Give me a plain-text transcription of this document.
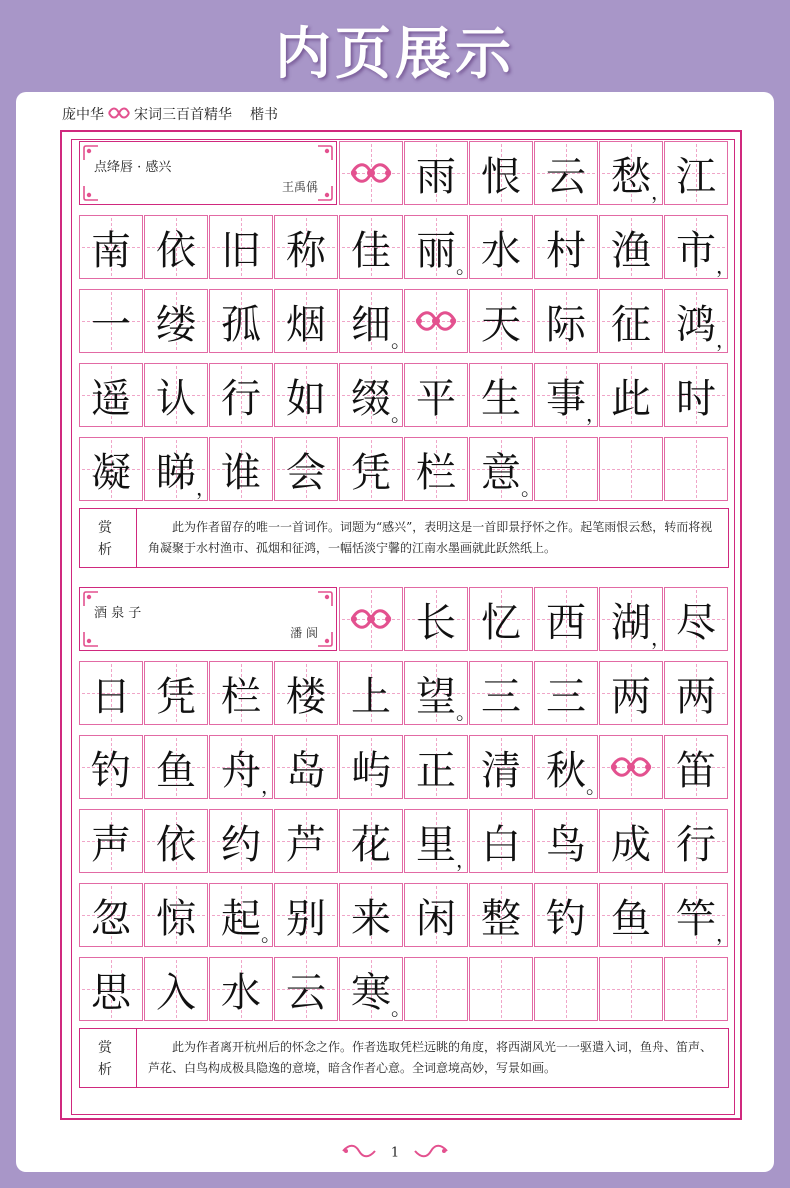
内页展示
庞中华 宋词三百首精华 楷书
点绛唇 · 感兴
王禹偁 雨 恨 云 愁 ， 江
南 依 旧 称 佳 丽 。 水 村 渔 市 ，
一 缕 孤 烟 细 。 天 际 征 鸿 ，
遥 认 行 如 缀 。 平 生 事 ， 此 时
凝 睇 ， 谁 会 凭 栏 意 。
赏
析
此为作者留存的唯一一首词作。词题为“感兴”，表明这是一首即景抒怀之作。起笔雨恨云愁，转而将视角凝聚于水村渔市、孤烟和征鸿，一幅恬淡宁馨的江南水墨画就此跃然纸上。
酒 泉 子
潘 阆 长 忆 西 湖 ， 尽
日 凭 栏 楼 上 望 。 三 三 两 两
钓 鱼 舟 ， 岛 屿 正 清 秋 。 笛
声 依 约 芦 花 里 ， 白 鸟 成 行
忽 惊 起 。 别 来 闲 整 钓 鱼 竿 ，
思 入 水 云 寒 。
赏
析
此为作者离开杭州后的怀念之作。作者选取凭栏远眺的角度，将西湖风光一一驱遣入词，鱼舟、笛声、芦花、白鸟构成极具隐逸的意境，暗含作者心意。全词意境高妙，写景如画。
1
